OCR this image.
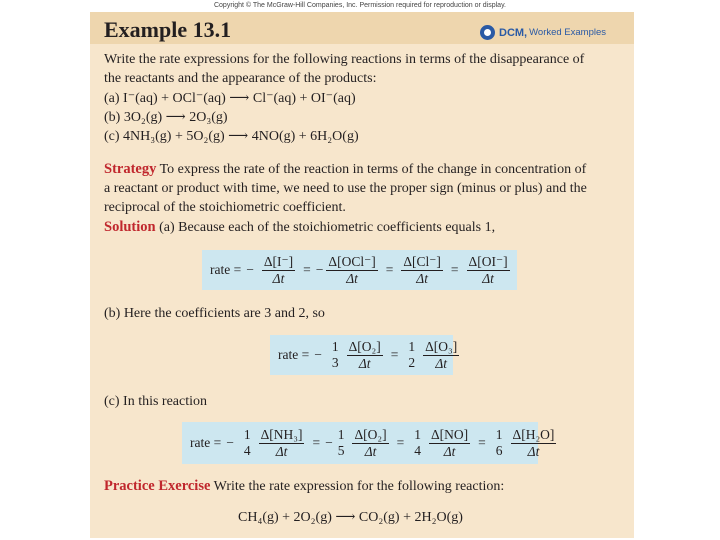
Copyright © The McGraw-Hill Companies, Inc. Permission required for reproduction or display.
Example 13.1	DCM, Worked Examples
Write the rate expressions for the following reactions in terms of the disappearance of
the reactants and the appearance of the products:
(a) I⁻(aq) + OCl⁻(aq) ⟶ Cl⁻(aq) + OI⁻(aq)
(b) 3O₂(g) ⟶ 2O₃(g)
(c) 4NH₃(g) + 5O₂(g) ⟶ 4NO(g) + 6H₂O(g)
Strategy To express the rate of the reaction in terms of the change in concentration of
a reactant or product with time, we need to use the proper sign (minus or plus) and the
reciprocal of the stoichiometric coefficient.
Solution (a) Because each of the stoichiometric coefficients equals 1,
rate = − $\frac{\Delta[I^-]}{\Delta t}$ = − $\frac{\text{Δ[OCl⁻]}}{\Delta t} = \frac{\Delta[Cl^-]}{\Delta t} = \frac{\Delta[OI^-]}{\Delta t}$
(b) Here the coefficients are 3 and 2, so
rate = −
1
$3 \frac{\text{Δ[O₂]}}{\Delta t}$ =
1
$2 \frac{\text{Δ[O₃]}}{\Delta t}$
(c) In this reaction
rate = −
1
$4 \frac{\text{Δ[NH₃]}}{\Delta t}$ = −
1
$5 \frac{\text{Δ[O₂]}}{\Delta t}$ =
1
$4 \frac{\Delta[NO]}{\Delta t}$ =
1
$6 \frac{\text{Δ[H₂O]}}{\Delta t}$
Practice Exercise Write the rate expression for the following reaction:
CH₄(g) + 2O₂(g) ⟶ CO₂(g) + 2H₂O(g)
